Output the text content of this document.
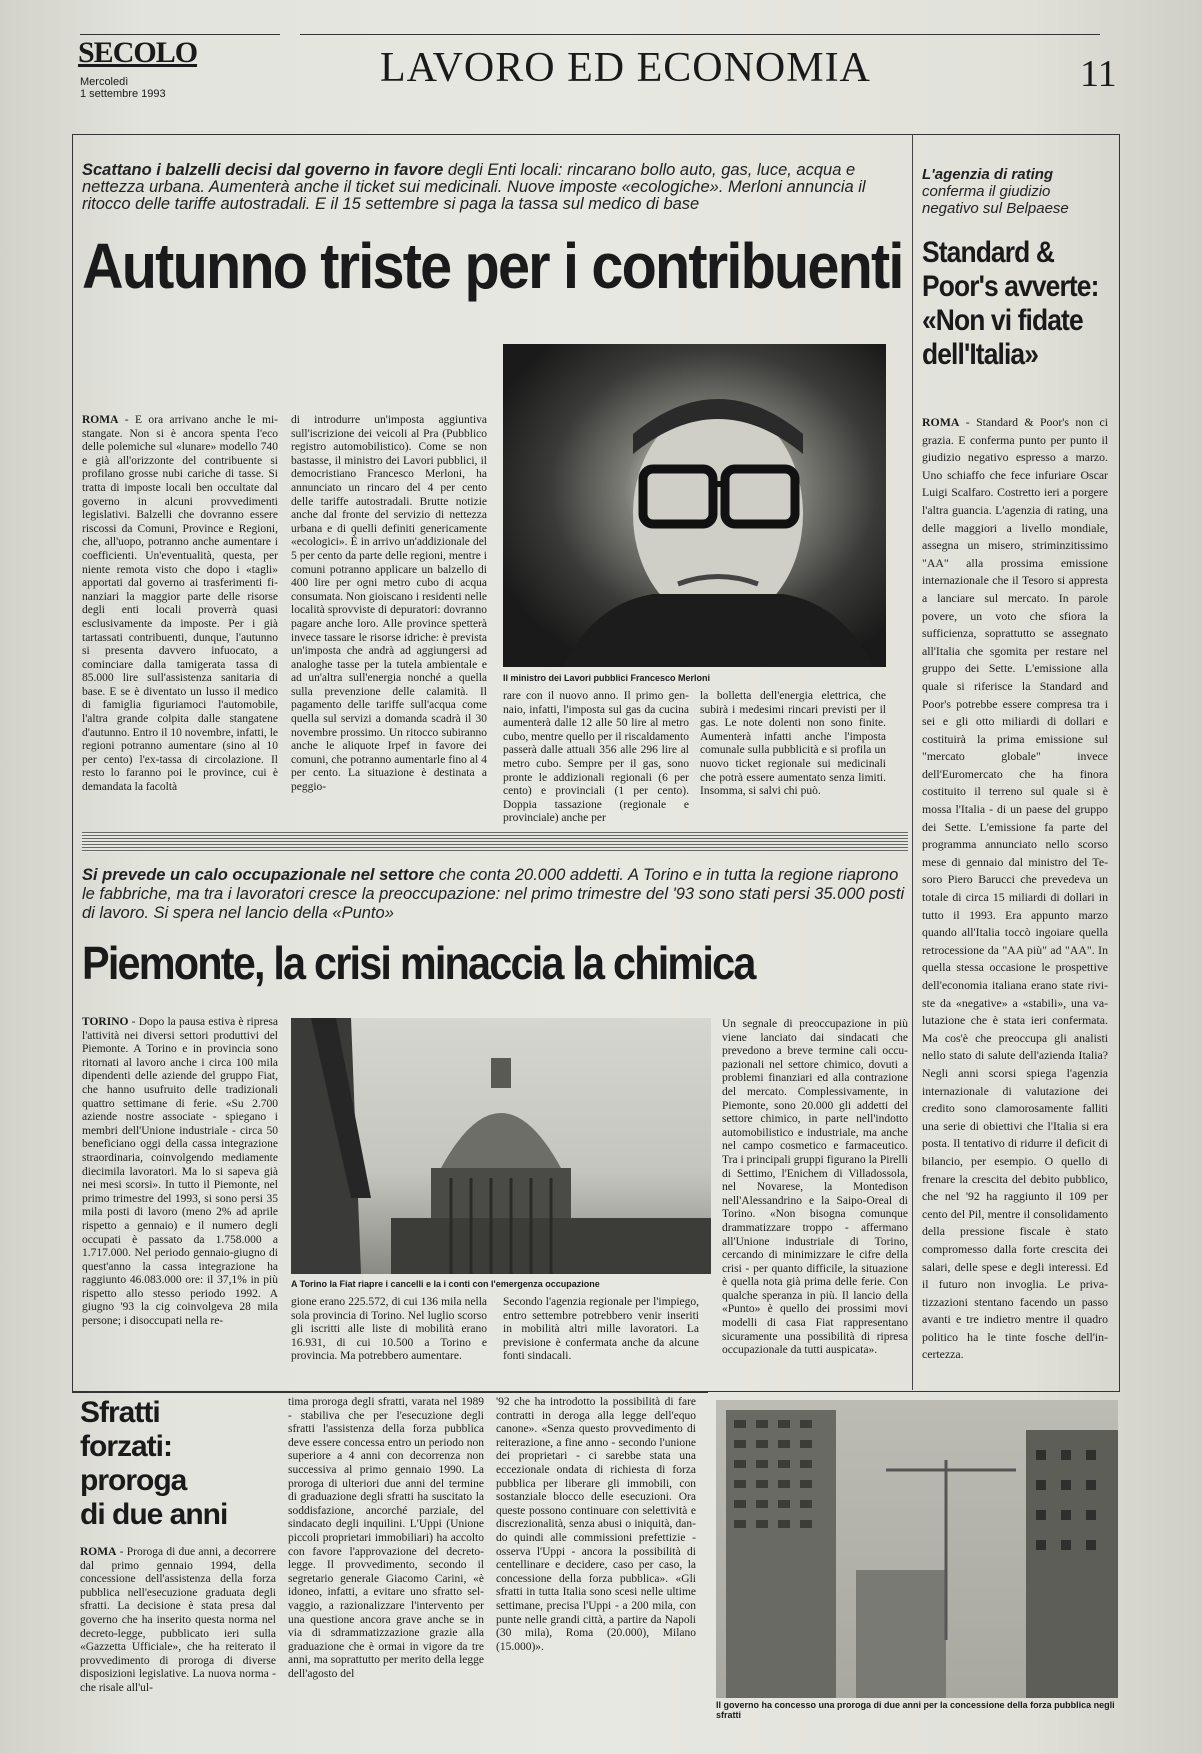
SECOLO
Mercoledì
1 settembre 1993
LAVORO ED ECONOMIA	11
Scattano i balzelli decisi dal governo in favore degli Enti locali: rincarano bollo auto, gas, luce, acqua e nettezza urbana. Aumenterà anche il ticket sui medicinali. Nuove imposte «ecologiche». Merloni annuncia il ritocco delle tariffe autostradali. E il 15 settembre si paga la tassa sul medico di base
Autunno triste per i contribuenti
Il ministro dei Lavori pubblici Francesco Merloni
ROMA - E ora arrivano anche le mistangate. Non si è ancora spenta l'eco delle polemiche sul «lunare» modello 740 e già all'orizzonte del contribuente si profilano grosse nubi cariche di tasse. Si tratta di imposte locali ben occultate dal governo in alcuni provvedimenti legislativi. Balzelli che dovranno essere riscossi da Comuni, Province e Regioni, che, all'uopo, potranno anche aumentare i coefficienti. Un'eventualità, questa, per niente remota visto che dopo i «tagli» apportati dal governo ai trasferimenti finanziari la maggior parte delle risorse degli enti locali proverrà quasi esclusivamente da imposte. Per i già tartassati contribuenti, dunque, l'autunno si presenta davvero infuocato, a cominciare dalla tamigerata tassa di 85.000 lire sull'assistenza sanitaria di base. E se è diventato un lusso il medico di famiglia figuriamoci l'automobile, l'altra grande colpita dalle stangatene d'autunno. Entro il 10 novembre, infatti, le regioni potranno aumentare (sino al 10 per cento) l'ex-tassa di circolazione. Il resto lo faranno poi le province, cui è demandata la facoltà
di introdurre un'imposta aggiuntiva sull'iscrizione dei veicoli al Pra (Pubblico registro automobilistico). Come se non bastasse, il ministro dei Lavori pubblici, il democristiano Francesco Merloni, ha annunciato un rincaro del 4 per cento delle tariffe autostradali. Brutte notizie anche dal fronte del servizio di nettezza urbana e di quelli definiti genericamente «ecologici». È in arrivo un'addizionale del 5 per cento da parte delle regioni, mentre i comuni potranno applicare un balzello di 400 lire per ogni metro cubo di acqua consumata. Non gioiscano i residenti nelle località sprovviste di depuratori: dovranno pagare anche loro. Alle province spetterà invece tassare le risorse idriche: è prevista un'imposta che andrà ad aggiungersi ad analoghe tasse per la tutela ambientale e ad un'altra sull'energia nonché a quella sulla prevenzione delle calamità. Il pagamento delle tariffe sull'acqua come quella sul servizi a domanda scadrà il 30 novembre prossimo. Un ritocco subiranno anche le aliquote Irpef in favore dei comuni, che potranno aumentarle fino al 4 per cento. La situazione è destinata a peggio-
rare con il nuovo anno. Il primo gennaio, infatti, l'imposta sul gas da cucina aumenterà dalle 12 alle 50 lire al metro cubo, mentre quello per il riscaldamento passerà dalle attuali 356 alle 296 lire al metro cubo. Sempre per il gas, sono pronte le addizionali regionali (6 per cento) e provinciali (1 per cento). Doppia tassazione (regionale e provinciale) anche per
la bolletta dell'energia elettrica, che subirà i medesimi rincari previsti per il gas. Le note dolenti non sono finite. Aumenterà infatti anche l'imposta comunale sulla pubblicità e si profila un nuovo ticket regionale sui medicinali che potrà essere aumentato senza limiti. Insomma, si salvi chi può.
L'agenzia di rating
conferma il giudizio
negativo sul Belpaese
Standard &
Poor's avverte:
«Non vi fidate
dell'Italia»
ROMA - Standard & Poor's non ci grazia. E conferma punto per punto il giudizio negativo espresso a marzo. Uno schiaffo che fece infuriare Oscar Luigi Scalfaro. Costretto ieri a porgere l'altra guancia. L'agenzia di rating, una delle maggiori a livello mondiale, assegna un misero, striminzitissimo "AA" alla prossima emissione internazionale che il Tesoro si appresta a lanciare sul mercato. In parole povere, un voto che sfiora la sufficienza, soprattutto se assegnato all'Italia che sgomita per restare nel gruppo dei Sette. L'emissione alla quale si riferisce la Standard and Poor's potrebbe essere compresa tra i sei e gli otto miliardi di dollari e costituirà la prima emissione sul "mercato globale" invece dell'Euromercato che ha finora costituito il terreno sul quale si è mossa l'Italia - di un paese del gruppo dei Sette. L'emissione fa parte del programma annunciato nello scorso mese di gennaio dal ministro del Tesoro Piero Barucci che prevedeva un totale di circa 15 miliardi di dollari in tutto il 1993. Era appunto marzo quando all'Italia toccò ingoiare quella retrocessione da "AA più" ad "AA". In quella stessa occasione le prospettive dell'economia italiana erano state riviste da «negative» a «stabili», una valutazione che è stata ieri confermata. Ma cos'è che preoccupa gli analisti nello stato di salute dell'azienda Italia? Negli anni scorsi spiega l'agenzia internazionale di valutazione dei credito sono clamorosamente falliti una serie di obiettivi che l'Italia si era posta. Il tentativo di ridurre il deficit di bilancio, per esempio. O quello di frenare la crescita del debito pubblico, che nel '92 ha raggiunto il 109 per cento del Pil, mentre il consolidamento della pressione fiscale è stato compromesso dalla forte crescita dei salari, delle spese e degli interessi. Ed il futuro non invoglia. Le privatizzazioni stentano facendo un passo avanti e tre indietro mentre il quadro politico ha le tinte fosche dell'incertezza.
Si prevede un calo occupazionale nel settore che conta 20.000 addetti. A Torino e in tutta la regione riaprono le fabbriche, ma tra i lavoratori cresce la preoccupazione: nel primo trimestre del '93 sono stati persi 35.000 posti di lavoro. Si spera nel lancio della «Punto»
Piemonte, la crisi minaccia la chimica
A Torino la Fiat riapre i cancelli e la i conti con l'emergenza occupazione
TORINO - Dopo la pausa estiva è ripresa l'attività nei diversi settori produttivi del Piemonte. A Torino e in provincia sono ritornati al lavoro anche i circa 100 mila dipendenti delle aziende del gruppo Fiat, che hanno usufruito delle tradizionali quattro settimane di ferie. «Su 2.700 aziende nostre associate - spiegano i membri dell'Unione industriale - circa 50 beneficiano oggi della cassa integrazione straordinaria, coinvolgendo mediamente diecimila lavoratori. Ma lo si sapeva già nei mesi scorsi». In tutto il Piemonte, nel primo trimestre del 1993, si sono persi 35 mila posti di lavoro (meno 2% ad aprile rispetto a gennaio) e il numero degli occupati è passato da 1.758.000 a 1.717.000. Nel periodo gennaio-giugno di quest'anno la cassa integrazione ha raggiunto 46.083.000 ore: il 37,1% in più rispetto allo stesso periodo 1992. A giugno '93 la cig coinvolgeva 28 mila persone; i disoccupati nella re-
gione erano 225.572, di cui 136 mila nella sola provincia di Torino. Nel luglio scorso gli iscritti alle liste di mobilità erano 16.931, di cui 10.500 a Torino e provincia. Ma potrebbero aumentare.
Secondo l'agenzia regionale per l'impiego, entro settembre potrebbero venir inseriti in mobilità altri mille lavoratori. La previsione è confermata anche da alcune fonti sindacali.
Un segnale di preoccupazione in più viene lanciato dai sindacati che prevedono a breve termine cali occupazionali nel settore chimico, dovuti a problemi finanziari ed alla contrazione del mercato. Complessivamente, in Piemonte, sono 20.000 gli addetti del settore chimico, in parte nell'indotto automobilistico e industriale, ma anche nel campo cosmetico e farmaceutico. Tra i principali gruppi figurano la Pirelli di Settimo, l'Enichem di Villadossola, nel Novarese, la Montedison nell'Alessandrino e la Saipo-Oreal di Torino. «Non bisogna comunque drammatizzare troppo - affermano all'Unione industriale di Torino, cercando di minimizzare le cifre della crisi - per quanto difficile, la situazione è quella nota già prima delle ferie. Con qualche speranza in più. Il lancio della «Punto» è quello dei prossimi movi modelli di casa Fiat rappresentano sicuramente una possibilità di ripresa occupazionale da tutti auspicata».
Sfratti
forzati:
proroga
di due anni
ROMA - Proroga di due anni, a decorrere dal primo gennaio 1994, della concessione dell'assistenza della forza pubblica nell'esecuzione graduata degli sfratti. La decisione è stata presa dal governo che ha inserito questa norma nel decreto-legge, pubblicato ieri sulla «Gazzetta Ufficiale», che ha reiterato il provvedimento di proroga di diverse disposizioni legislative. La nuova norma - che risale all'ul-
tima proroga degli sfratti, varata nel 1989 - stabiliva che per l'esecuzione degli sfratti l'assistenza della forza pubblica deve essere concessa entro un periodo non superiore a 4 anni con decorrenza non successiva al primo gennaio 1990. La proroga di ulteriori due anni del termine di graduazione degli sfratti ha suscitato la soddisfazione, ancorché parziale, del sindacato degli inquilini. L'Uppi (Unione piccoli proprietari immobiliari) ha accolto con favore l'approvazione del decreto-legge. Il provvedimento, secondo il segretario generale Giacomo Carini, «è idoneo, infatti, a evitare uno sfratto selvaggio, a razionalizzare l'intervento per una questione ancora grave anche se in via di sdrammatizzazione grazie alla graduazione che è ormai in vigore da tre anni, ma soprattutto per merito della legge dell'agosto del
'92 che ha introdotto la possibilità di fare contratti in deroga alla legge dell'equo canone». «Senza questo provvedimento di reiterazione, a fine anno - secondo l'unione dei proprietari - ci sarebbe stata una eccezionale ondata di richiesta di forza pubblica per liberare gli immobili, con sostanziale blocco delle esecuzioni. Ora queste possono continuare con selettività e discrezionalità, senza abusi o iniquità, dando quindi alle commissioni prefettizie - osserva l'Uppi - ancora la possibilità di centellinare e decidere, caso per caso, la concessione della forza pubblica». «Gli sfratti in tutta Italia sono scesi nelle ultime settimane, precisa l'Uppi - a 200 mila, con punte nelle grandi città, a partire da Napoli (30 mila), Roma (20.000), Milano (15.000)».
Il governo ha concesso una proroga di due anni per la concessione della forza pubblica negli sfratti
